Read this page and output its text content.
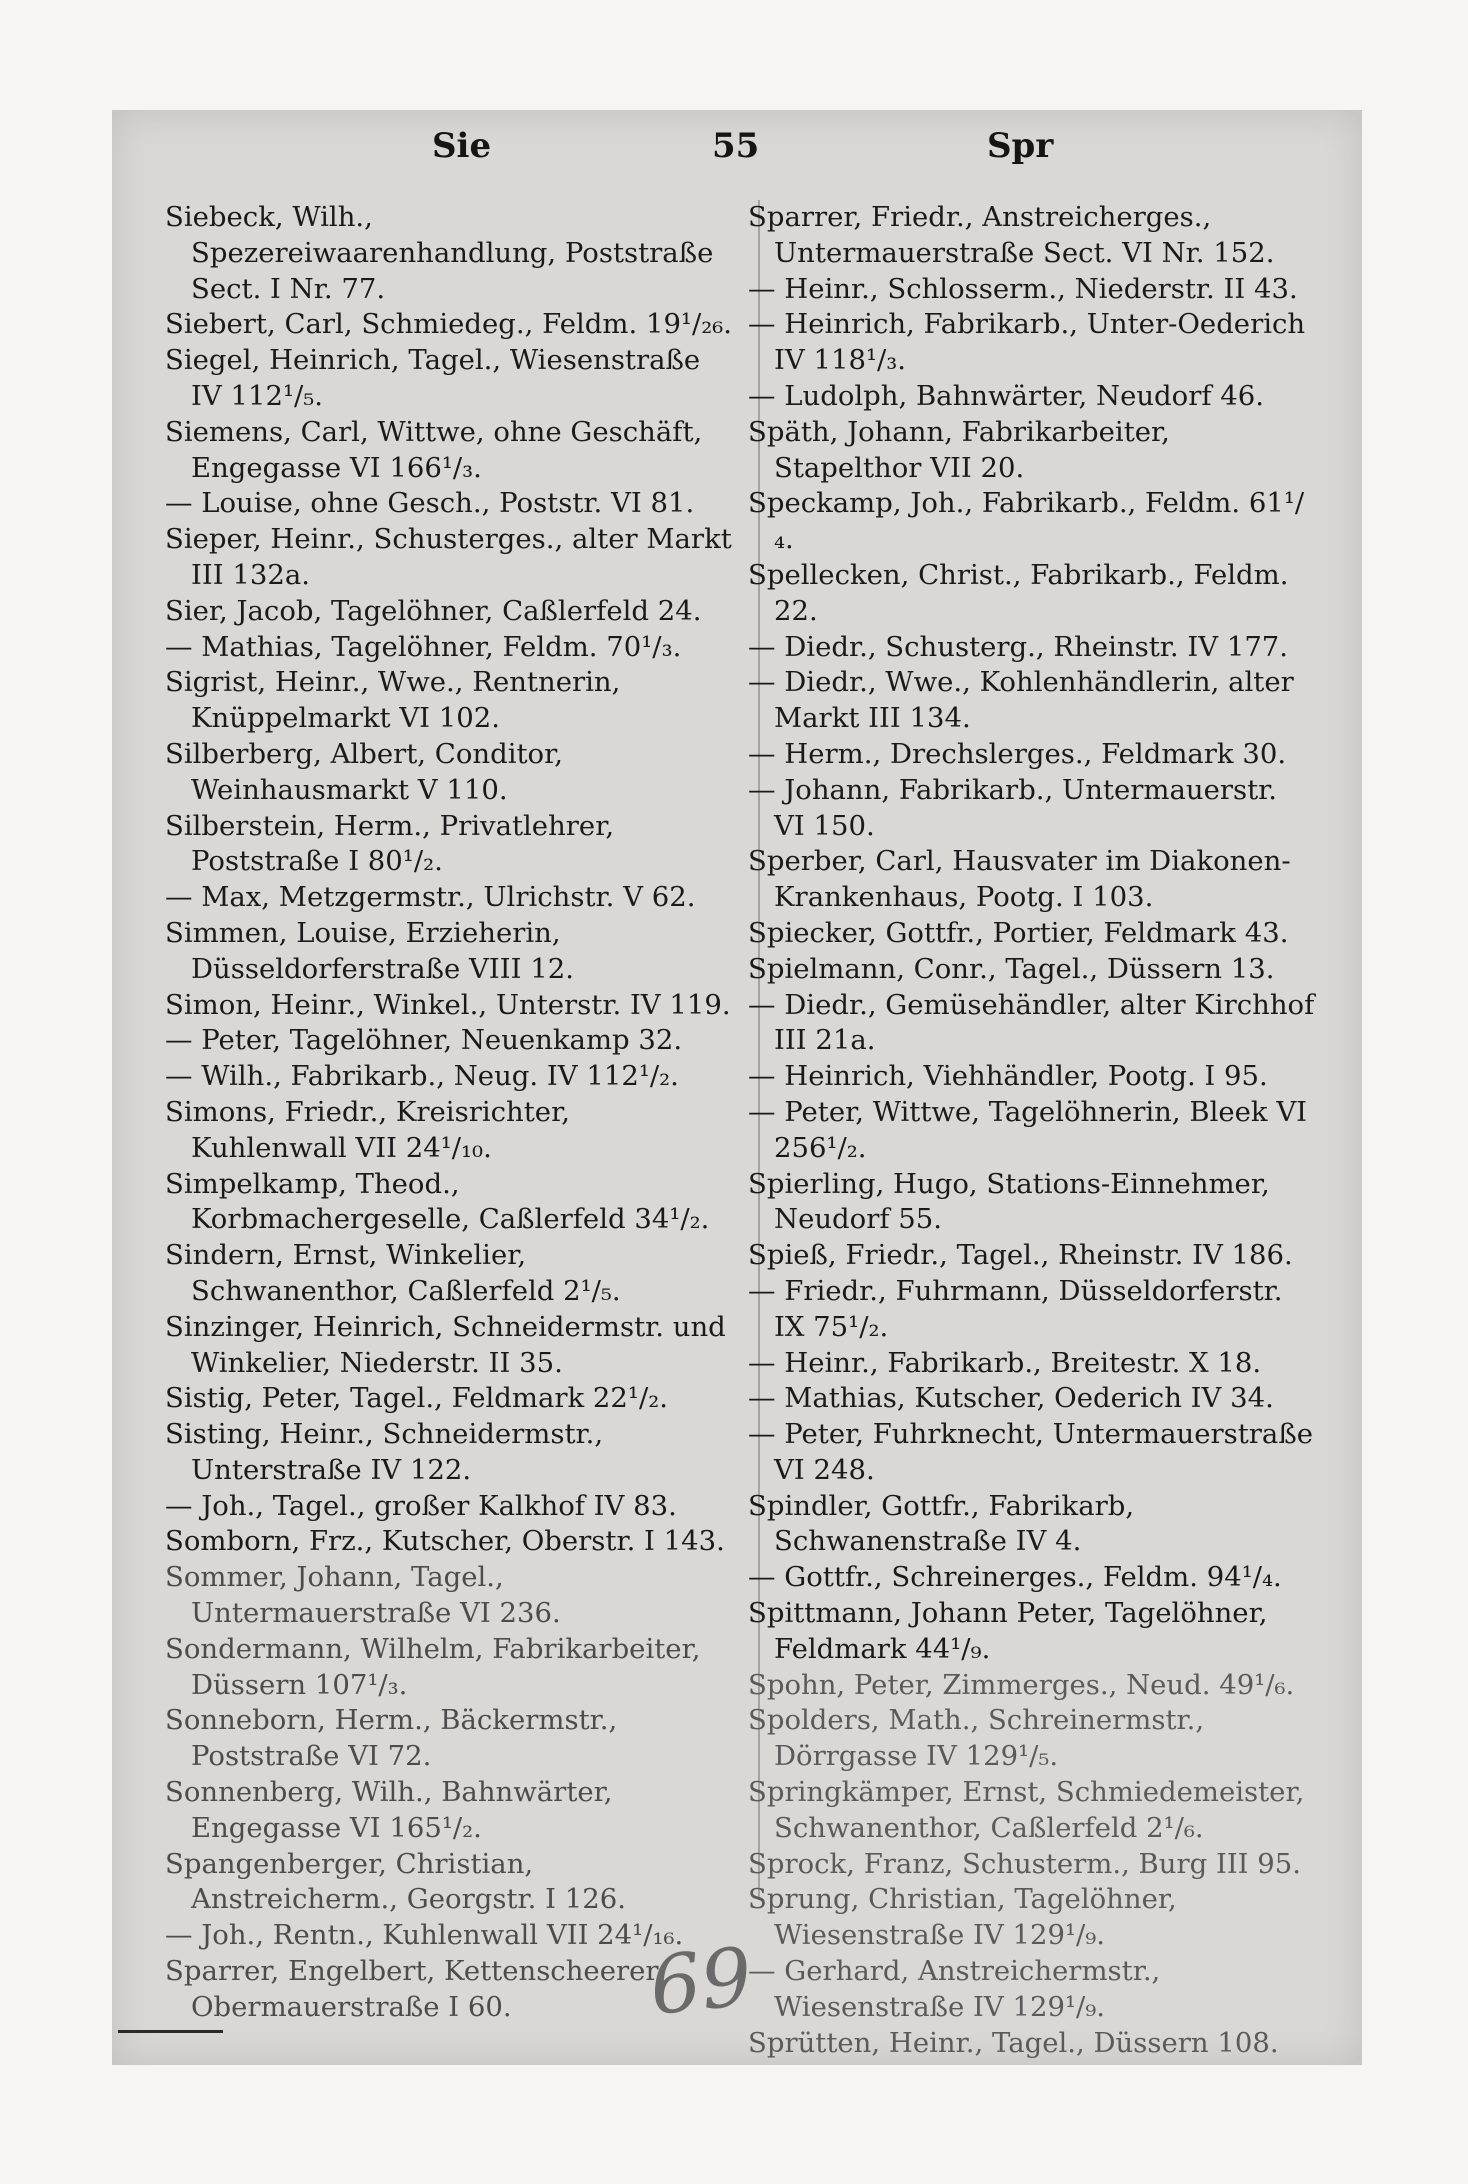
Sie	55	Spr

Siebeck, Wilh., Spezereiwaarenhandlung, Poststraße Sect. I Nr. 77.

Siebert, Carl, Schmiedeg., Feldm. 19¹/₂₆.

Siegel, Heinrich, Tagel., Wiesenstraße IV 112¹/₅.

Siemens, Carl, Wittwe, ohne Geschäft, Engegasse VI 166¹/₃.

— Louise, ohne Gesch., Poststr. VI 81.

Sieper, Heinr., Schusterges., alter Markt III 132a.

Sier, Jacob, Tagelöhner, Caßlerfeld 24.

— Mathias, Tagelöhner, Feldm. 70¹/₃.

Sigrist, Heinr., Wwe., Rentnerin, Knüppelmarkt VI 102.

Silberberg, Albert, Conditor, Weinhausmarkt V 110.

Silberstein, Herm., Privatlehrer, Poststraße I 80¹/₂.

— Max, Metzgermstr., Ulrichstr. V 62.

Simmen, Louise, Erzieherin, Düsseldorferstraße VIII 12.

Simon, Heinr., Winkel., Unterstr. IV 119.

— Peter, Tagelöhner, Neuenkamp 32.

— Wilh., Fabrikarb., Neug. IV 112¹/₂.

Simons, Friedr., Kreisrichter, Kuhlenwall VII 24¹/₁₀.

Simpelkamp, Theod., Korbmachergeselle, Caßlerfeld 34¹/₂.

Sindern, Ernst, Winkelier, Schwanenthor, Caßlerfeld 2¹/₅.

Sinzinger, Heinrich, Schneidermstr. und Winkelier, Niederstr. II 35.

Sistig, Peter, Tagel., Feldmark 22¹/₂.

Sisting, Heinr., Schneidermstr., Unterstraße IV 122.

— Joh., Tagel., großer Kalkhof IV 83.

Somborn, Frz., Kutscher, Oberstr. I 143.

Sommer, Johann, Tagel., Untermauerstraße VI 236.

Sondermann, Wilhelm, Fabrikarbeiter, Düssern 107¹/₃.

Sonneborn, Herm., Bäckermstr., Poststraße VI 72.

Sonnenberg, Wilh., Bahnwärter, Engegasse VI 165¹/₂.

Spangenberger, Christian, Anstreicherm., Georgstr. I 126.

— Joh., Rentn., Kuhlenwall VII 24¹/₁₆.

Sparrer, Engelbert, Kettenscheerer, Obermauerstraße I 60.

Sparrer, Friedr., Anstreicherges., Untermauerstraße Sect. VI Nr. 152.

— Heinr., Schlosserm., Niederstr. II 43.

— Heinrich, Fabrikarb., Unter-Oederich IV 118¹/₃.

— Ludolph, Bahnwärter, Neudorf 46.

Späth, Johann, Fabrikarbeiter, Stapelthor VII 20.

Speckamp, Joh., Fabrikarb., Feldm. 61¹/₄.

Spellecken, Christ., Fabrikarb., Feldm. 22.

— Diedr., Schusterg., Rheinstr. IV 177.

— Diedr., Wwe., Kohlenhändlerin, alter Markt III 134.

— Herm., Drechslerges., Feldmark 30.

— Johann, Fabrikarb., Untermauerstr. VI 150.

Sperber, Carl, Hausvater im Diakonen-Krankenhaus, Pootg. I 103.

Spiecker, Gottfr., Portier, Feldmark 43.

Spielmann, Conr., Tagel., Düssern 13.

— Diedr., Gemüsehändler, alter Kirchhof III 21a.

— Heinrich, Viehhändler, Pootg. I 95.

— Peter, Wittwe, Tagelöhnerin, Bleek VI 256¹/₂.

Spierling, Hugo, Stations-Einnehmer, Neudorf 55.

Spieß, Friedr., Tagel., Rheinstr. IV 186.

— Friedr., Fuhrmann, Düsseldorferstr. IX 75¹/₂.

— Heinr., Fabrikarb., Breitestr. X 18.

— Mathias, Kutscher, Oederich IV 34.

— Peter, Fuhrknecht, Untermauerstraße VI 248.

Spindler, Gottfr., Fabrikarb, Schwanenstraße IV 4.

— Gottfr., Schreinerges., Feldm. 94¹/₄.

Spittmann, Johann Peter, Tagelöhner, Feldmark 44¹/₉.

Spohn, Peter, Zimmerges., Neud. 49¹/₆.

Spolders, Math., Schreinermstr., Dörrgasse IV 129¹/₅.

Springkämper, Ernst, Schmiedemeister, Schwanenthor, Caßlerfeld 2¹/₆.

Sprock, Franz, Schusterm., Burg III 95.

Sprung, Christian, Tagelöhner, Wiesenstraße IV 129¹/₉.

— Gerhard, Anstreichermstr., Wiesenstraße IV 129¹/₉.

Sprütten, Heinr., Tagel., Düssern 108.

69
